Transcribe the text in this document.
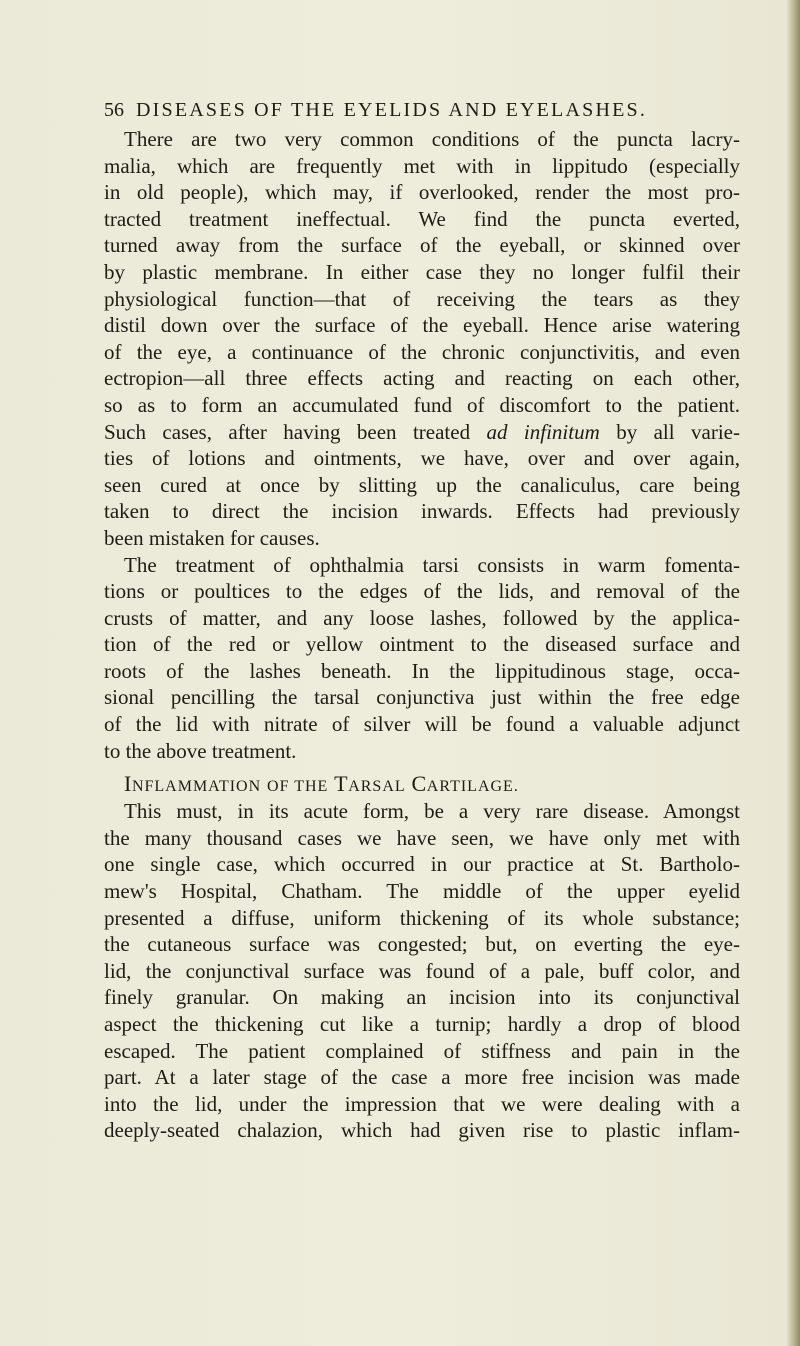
56 DISEASES OF THE EYELIDS AND EYELASHES.
There are two very common conditions of the puncta lacry-
malia, which are frequently met with in lippitudo (especially
in old people), which may, if overlooked, render the most pro-
tracted treatment ineffectual. We find the puncta everted,
turned away from the surface of the eyeball, or skinned over
by plastic membrane. In either case they no longer fulfil their
physiological function—that of receiving the tears as they
distil down over the surface of the eyeball. Hence arise watering
of the eye, a continuance of the chronic conjunctivitis, and even
ectropion—all three effects acting and reacting on each other,
so as to form an accumulated fund of discomfort to the patient.
Such cases, after having been treated ad infinitum by all varie-
ties of lotions and ointments, we have, over and over again,
seen cured at once by slitting up the canaliculus, care being
taken to direct the incision inwards. Effects had previously
been mistaken for causes.
The treatment of ophthalmia tarsi consists in warm fomenta-
tions or poultices to the edges of the lids, and removal of the
crusts of matter, and any loose lashes, followed by the applica-
tion of the red or yellow ointment to the diseased surface and
roots of the lashes beneath. In the lippitudinous stage, occa-
sional pencilling the tarsal conjunctiva just within the free edge
of the lid with nitrate of silver will be found a valuable adjunct
to the above treatment.
INFLAMMATION OF THE TARSAL CARTILAGE.
This must, in its acute form, be a very rare disease. Amongst
the many thousand cases we have seen, we have only met with
one single case, which occurred in our practice at St. Bartholo-
mew's Hospital, Chatham. The middle of the upper eyelid
presented a diffuse, uniform thickening of its whole substance;
the cutaneous surface was congested; but, on everting the eye-
lid, the conjunctival surface was found of a pale, buff color, and
finely granular. On making an incision into its conjunctival
aspect the thickening cut like a turnip; hardly a drop of blood
escaped. The patient complained of stiffness and pain in the
part. At a later stage of the case a more free incision was made
into the lid, under the impression that we were dealing with a
deeply-seated chalazion, which had given rise to plastic inflam-
